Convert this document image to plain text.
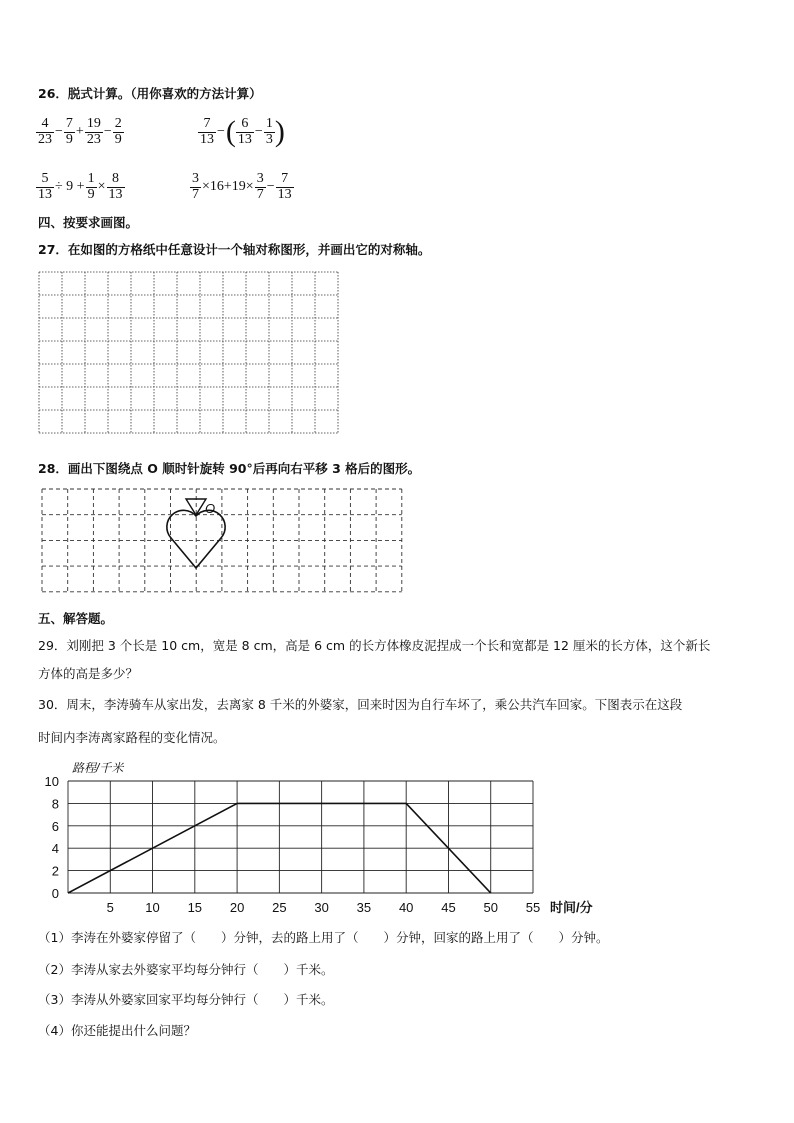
26．脱式计算。（用你喜欢的方法计算）
$\frac{4}{23} - \frac{7}{9} + \frac{19}{23} - \frac{2}{9}$	$\frac{7}{13}$ − ( $\frac{6}{13} - \frac{1}{3}$ )
$\frac{5}{13} \div 9 + \frac{1}{9} \times \frac{8}{13}$	$\frac{3}{7} \times 16+19\times \frac{3}{7} - \frac{7}{13}$
四、按要求画图。
27．在如图的方格纸中任意设计一个轴对称图形，并画出它的对称轴。
28．画出下图绕点 O 顺时针旋转 90°后再向右平移 3 格后的图形。
O
五、解答题。
29．刘刚把 3 个长是 10 cm，宽是 8 cm，高是 6 cm 的长方体橡皮泥捏成一个长和宽都是 12 厘米的长方体，这个新长
方体的高是多少？
30．周末，李涛骑车从家出发，去离家 8 千米的外婆家，回来时因为自行车坏了，乘公共汽车回家。下图表示在这段
时间内李涛离家路程的变化情况。
0
2
4
6
8
10
5 10 15 20 25 30 35 40 45 50 55
路程/千米
时间/分
（1）李涛在外婆家停留了（　　）分钟，去的路上用了（　　）分钟，回家的路上用了（　　）分钟。
（2）李涛从家去外婆家平均每分钟行（　　）千米。
（3）李涛从外婆家回家平均每分钟行（　　）千米。
（4）你还能提出什么问题？
